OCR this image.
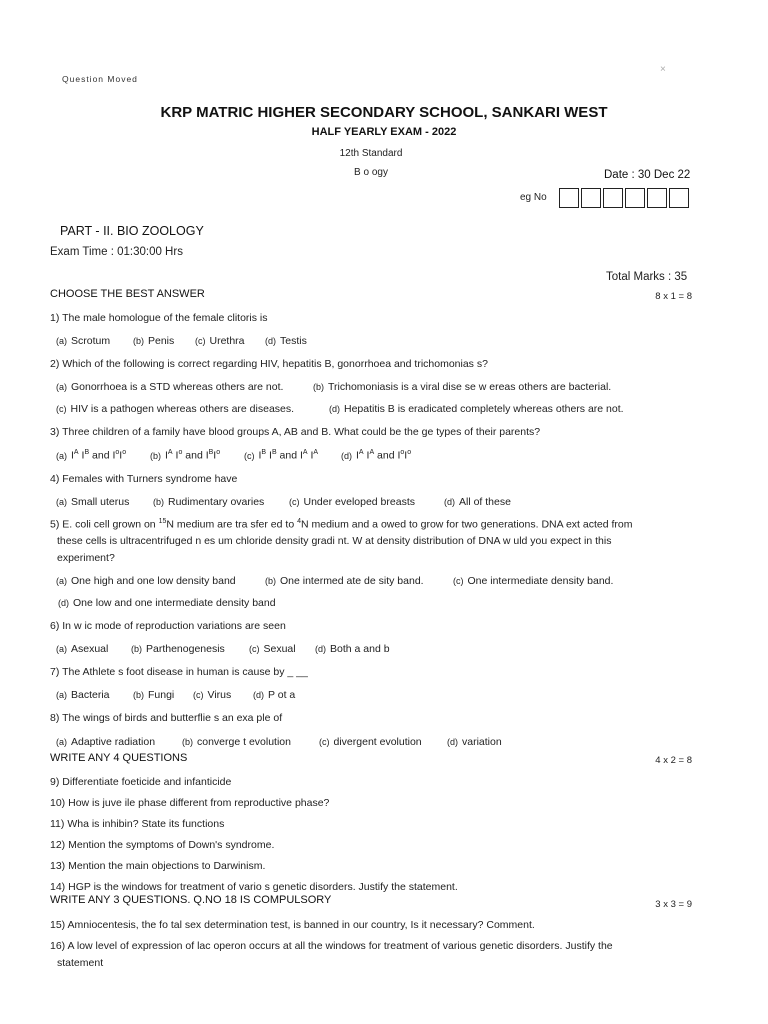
Question Moved
×
KRP MATRIC HIGHER SECONDARY SCHOOL, SANKARI WEST
HALF YEARLY EXAM - 2022
12th Standard
B o ogy	Date : 30 Dec 22
eg No
PART - II. BIO ZOOLOGY
Exam Time : 01:30:00 Hrs
Total Marks : 35
CHOOSE THE BEST ANSWER	8 x 1 = 8
1) The male homologue of the female clitoris is
(a) Scrotum	(b) Penis (c) Urethra (d) Testis
2) Which of the following is correct regarding HIV, hepatitis B, gonorrhoea and trichomonias s?
(a) Gonorrhoea is a STD whereas others are not.	(b) Trichomoniasis is a viral dise se w ereas others are bacterial.
(c) HIV is a pathogen whereas others are diseases.	(d) Hepatitis B is eradicated completely whereas others are not.
3) Three children of a family have blood groups A, AB and B. What could be the ge types of their parents?
(a) $I^A$ $I^B$ and $I^oI^o$	(b) $I^A$ $I^o$ and $I^BI^o$	(c) $I^B$ $I^B$ and $I^A$ $I^A$	(d) $I^A$ $I^A$ and $I^oI^o$
4) Females with Turners syndrome have
(a) Small uterus	(b) Rudimentary ovaries	(c) Under eveloped breasts	(d) All of these
5) E. coli cell grown on $^{15}$N medium are tra sfer ed to $^4$N medium and a owed to grow for two generations. DNA ext acted from
these cells is ultracentrifuged n es um chloride density gradi nt. W at density distribution of DNA w uld you expect in this
experiment?
(a) One high and one low density band	(b) One intermed ate de sity band.	(c) One intermediate density band.
(d) One low and one intermediate density band
6) In w ic mode of reproduction variations are seen
(a) Asexual	(b) Parthenogenesis	(c) Sexual (d) Both a and b
7) The Athlete s foot disease in human is cause by _ __
(a) Bacteria	(b) Fungi (c) Virus (d) P ot a
8) The wings of birds and butterflie s an exa ple of
(a) Adaptive radiation	(b) converge t evolution	(c) divergent evolution	(d) variation
WRITE ANY 4 QUESTIONS	4 x 2 = 8
9) Differentiate foeticide and infanticide
10) How is juve ile phase different from reproductive phase?
11) Wha is inhibin? State its functions
12) Mention the symptoms of Down's syndrome.
13) Mention the main objections to Darwinism.
14) HGP is the windows for treatment of vario s genetic disorders. Justify the statement.
WRITE ANY 3 QUESTIONS. Q.NO 18 IS COMPULSORY	3 x 3 = 9
15) Amniocentesis, the fo tal sex determination test, is banned in our country, Is it necessary? Comment.
16) A low level of expression of lac operon occurs at all the windows for treatment of various genetic disorders. Justify the
statement
